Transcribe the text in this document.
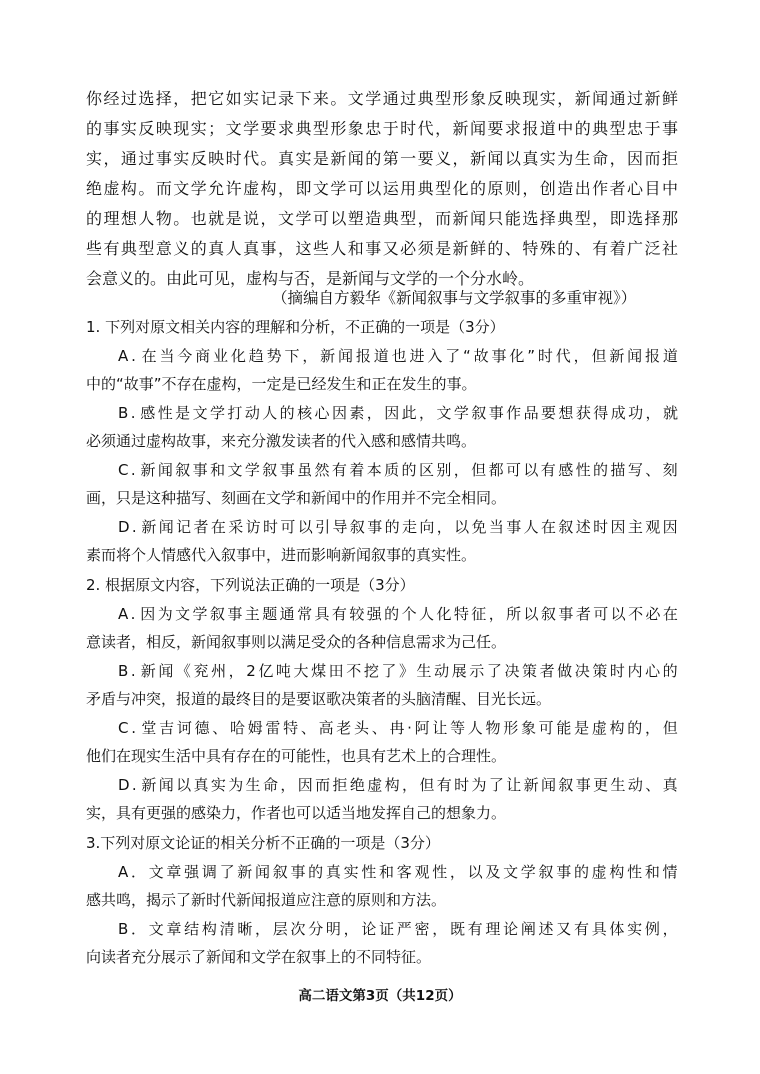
你 经 过 选 择 ， 把 它 如 实 记 录 下 来 。 文 学 通 过 典 型 形 象 反 映 现 实 ， 新 闻 通 过 新 鲜
的 事 实 反 映 现 实 ； 文 学 要 求 典 型 形 象 忠 于 时 代 ， 新 闻 要 求 报 道 中 的 典 型 忠 于 事
实 ， 通 过 事 实 反 映 时 代 。 真 实 是 新 闻 的 第 一 要 义 ， 新 闻 以 真 实 为 生 命 ， 因 而 拒
绝 虚 构 。 而 文 学 允 许 虚 构 ， 即 文 学 可 以 运 用 典 型 化 的 原 则 ， 创 造 出 作 者 心 目 中
的 理 想 人 物 。 也 就 是 说 ， 文 学 可 以 塑 造 典 型 ， 而 新 闻 只 能 选 择 典 型 ， 即 选 择 那
些 有 典 型 意 义 的 真 人 真 事 ， 这 些 人 和 事 又 必 须 是 新 鲜 的 、 特 殊 的 、 有 着 广 泛 社
会意义的。由此可见，虚构与否，是新闻与文学的一个分水岭。
（摘编自方毅华《新闻叙事与文学叙事的多重审视》）
1. 下列对原文相关内容的理解和分析，不正确的一项是（3分）
A . 在 当 今 商 业 化 趋 势 下 ， 新 闻 报 道 也 进 入 了 “ 故 事 化 ” 时 代 ， 但 新 闻 报 道
中的“故事”不存在虚构，一定是已经发生和正在发生的事。
B . 感 性 是 文 学 打 动 人 的 核 心 因 素 ， 因 此 ， 文 学 叙 事 作 品 要 想 获 得 成 功 ， 就
必须通过虚构故事，来充分激发读者的代入感和感情共鸣。
C . 新 闻 叙 事 和 文 学 叙 事 虽 然 有 着 本 质 的 区 别 ， 但 都 可 以 有 感 性 的 描 写 、 刻
画，只是这种描写、刻画在文学和新闻中的作用并不完全相同。
D . 新 闻 记 者 在 采 访 时 可 以 引 导 叙 事 的 走 向 ， 以 免 当 事 人 在 叙 述 时 因 主 观 因
素而将个人情感代入叙事中，进而影响新闻叙事的真实性。
2. 根据原文内容，下列说法正确的一项是（3分）
A . 因 为 文 学 叙 事 主 题 通 常 具 有 较 强 的 个 人 化 特 征 ， 所 以 叙 事 者 可 以 不 必 在
意读者，相反，新闻叙事则以满足受众的各种信息需求为己任。
B . 新 闻 《 兖 州 ， 2 亿 吨 大 煤 田 不 挖 了 》 生 动 展 示 了 决 策 者 做 决 策 时 内 心 的
矛盾与冲突，报道的最终目的是要讴歌决策者的头脑清醒、目光长远。
C . 堂 吉 诃 德 、 哈 姆 雷 特 、 高 老 头 、 冉 · 阿 让 等 人 物 形 象 可 能 是 虚 构 的 ， 但
他们在现实生活中具有存在的可能性，也具有艺术上的合理性。
D . 新 闻 以 真 实 为 生 命 ， 因 而 拒 绝 虚 构 ， 但 有 时 为 了 让 新 闻 叙 事 更 生 动 、 真
实，具有更强的感染力，作者也可以适当地发挥自己的想象力。
3.下列对原文论证的相关分析不正确的一项是（3分）
A ． 文 章 强 调 了 新 闻 叙 事 的 真 实 性 和 客 观 性 ， 以 及 文 学 叙 事 的 虚 构 性 和 情
感共鸣，揭示了新时代新闻报道应注意的原则和方法。
B ． 文 章 结 构 清 晰 ， 层 次 分 明 ， 论 证 严 密 ， 既 有 理 论 阐 述 又 有 具 体 实 例 ，
向读者充分展示了新闻和文学在叙事上的不同特征。
高二语文第3页（共12页）
